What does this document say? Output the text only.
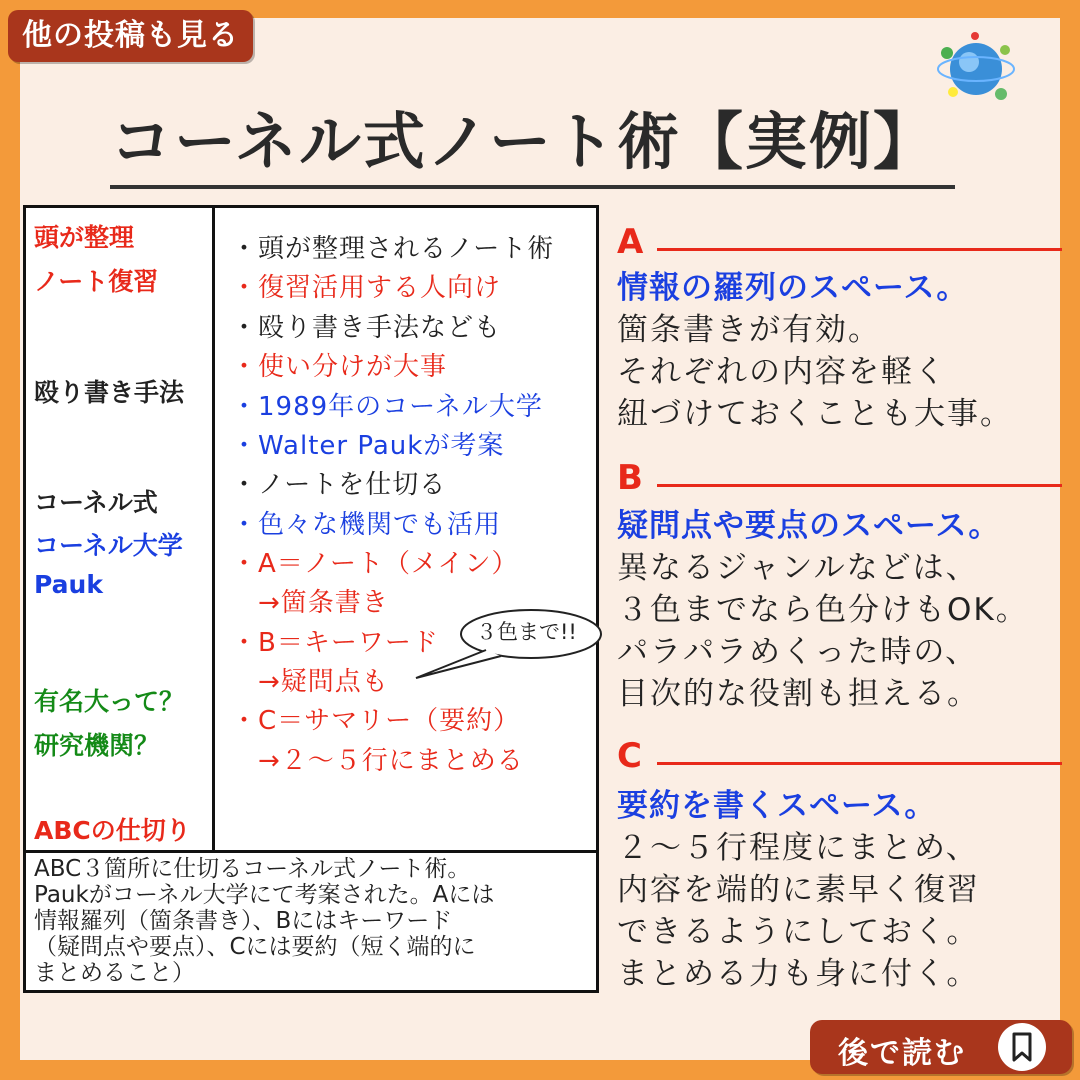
他の投稿も見る
コーネル式ノート術【実例】
頭が整理
ノート復習
殴り書き手法
コーネル式
コーネル大学
Pauk
有名大って？
研究機関？
ABCの仕切り
・頭が整理されるノート術
・復習活用する人向け
・殴り書き手法なども
・使い分けが大事
・1989年のコーネル大学
・Walter Paukが考案
・ノートを仕切る
・色々な機関でも活用
・A＝ノート（メイン）
　→箇条書き
・B＝キーワード
　→疑問点も
・C＝サマリー（要約）
　→２～５行にまとめる
３色まで!!
ABC３箇所に仕切るコーネル式ノート術。
Paukがコーネル大学にて考案された。Aには
情報羅列（箇条書き）、Bにはキーワード
（疑問点や要点）、Cには要約（短く端的に
まとめること）
A
情報の羅列のスペース。
箇条書きが有効。
それぞれの内容を軽く
紐づけておくことも大事。
B
疑問点や要点のスペース。
異なるジャンルなどは、
３色までなら色分けもOK。
パラパラめくった時の、
目次的な役割も担える。
C
要約を書くスペース。
２～５行程度にまとめ、
内容を端的に素早く復習
できるようにしておく。
まとめる力も身に付く。
後で読む
